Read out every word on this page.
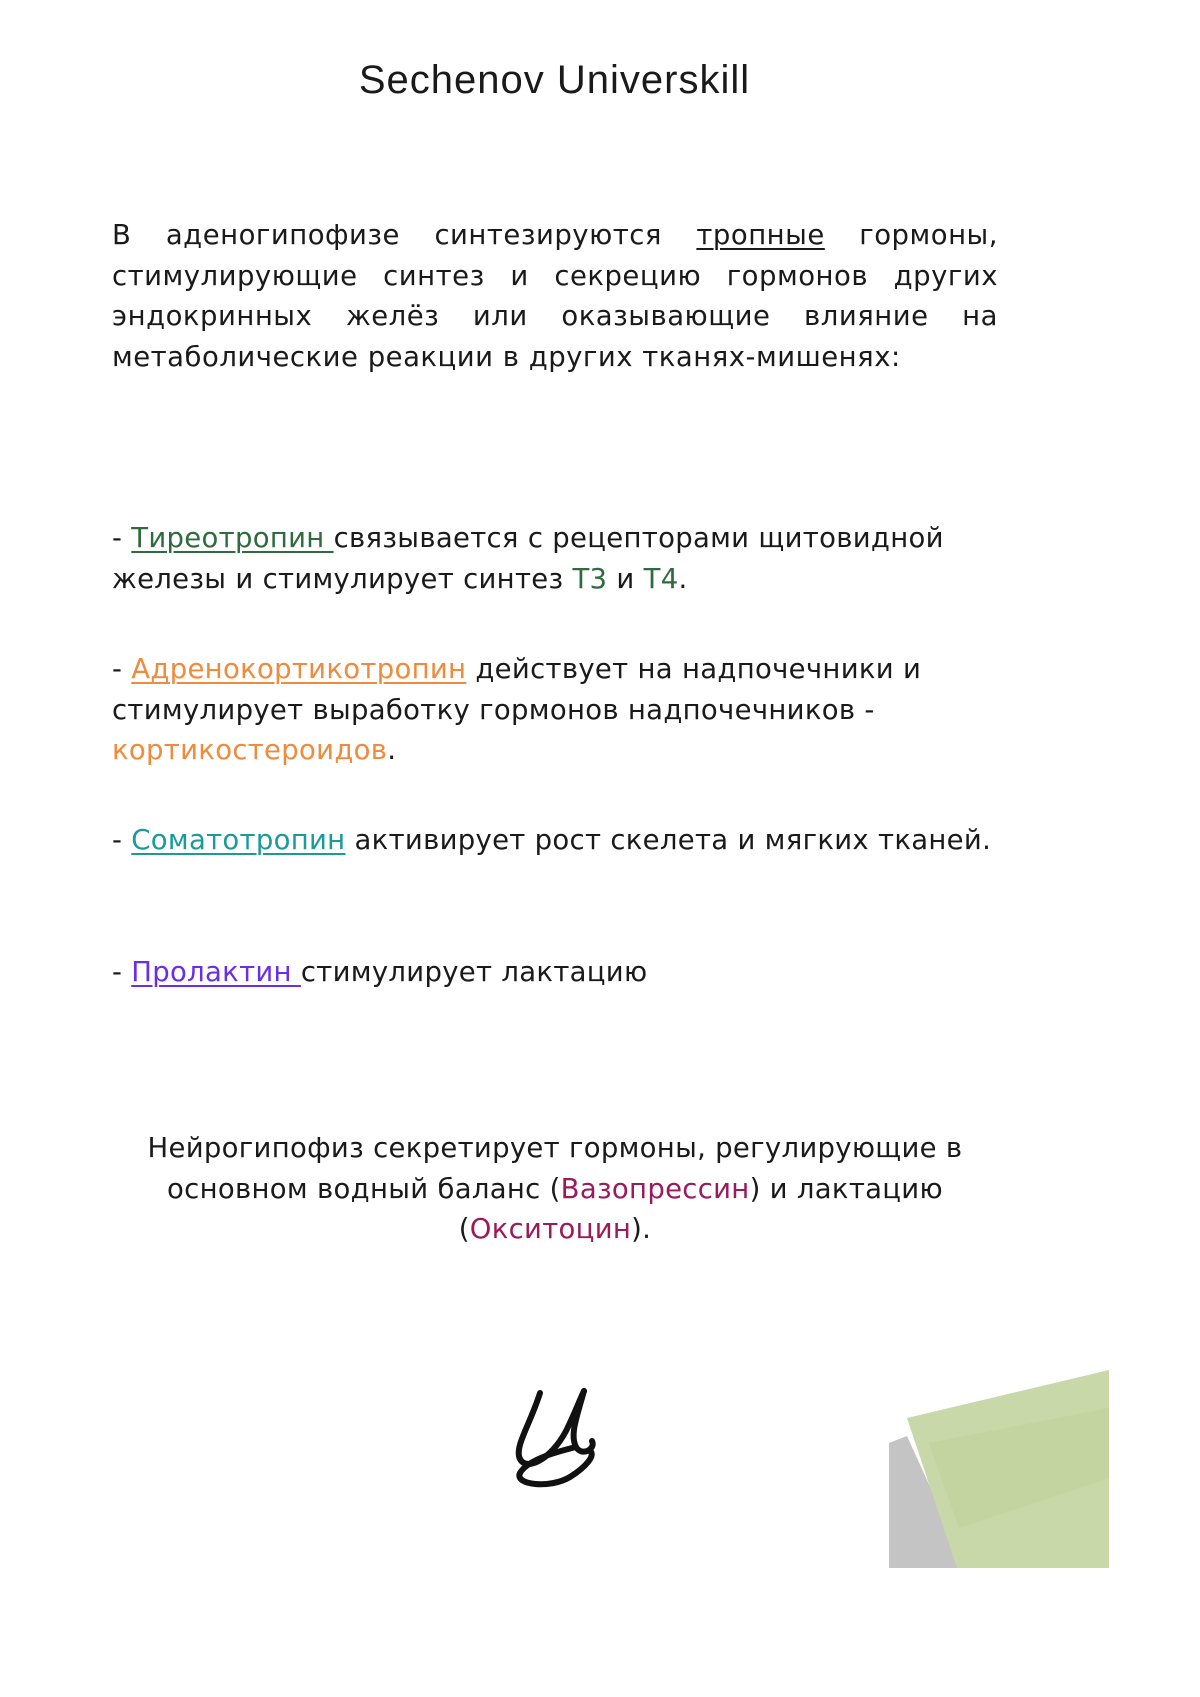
Sechenov Universkill
В аденогипофизе синтезируются тропные гормоны, стимулирующие синтез и секрецию гормонов других эндокринных желёз или оказывающие влияние на метаболические реакции в других тканях-мишенях:
- Тиреотропин связывается с рецепторами щитовидной железы и стимулирует синтез Т3 и Т4.
- Адренокортикотропин действует на надпочечники и стимулирует выработку гормонов надпочечников - кортикостероидов.
- Соматотропин активирует рост скелета и мягких тканей.
- Пролактин стимулирует лактацию
Нейрогипофиз секретирует гормоны, регулирующие в основном водный баланс (Вазопрессин) и лактацию (Окситоцин).
